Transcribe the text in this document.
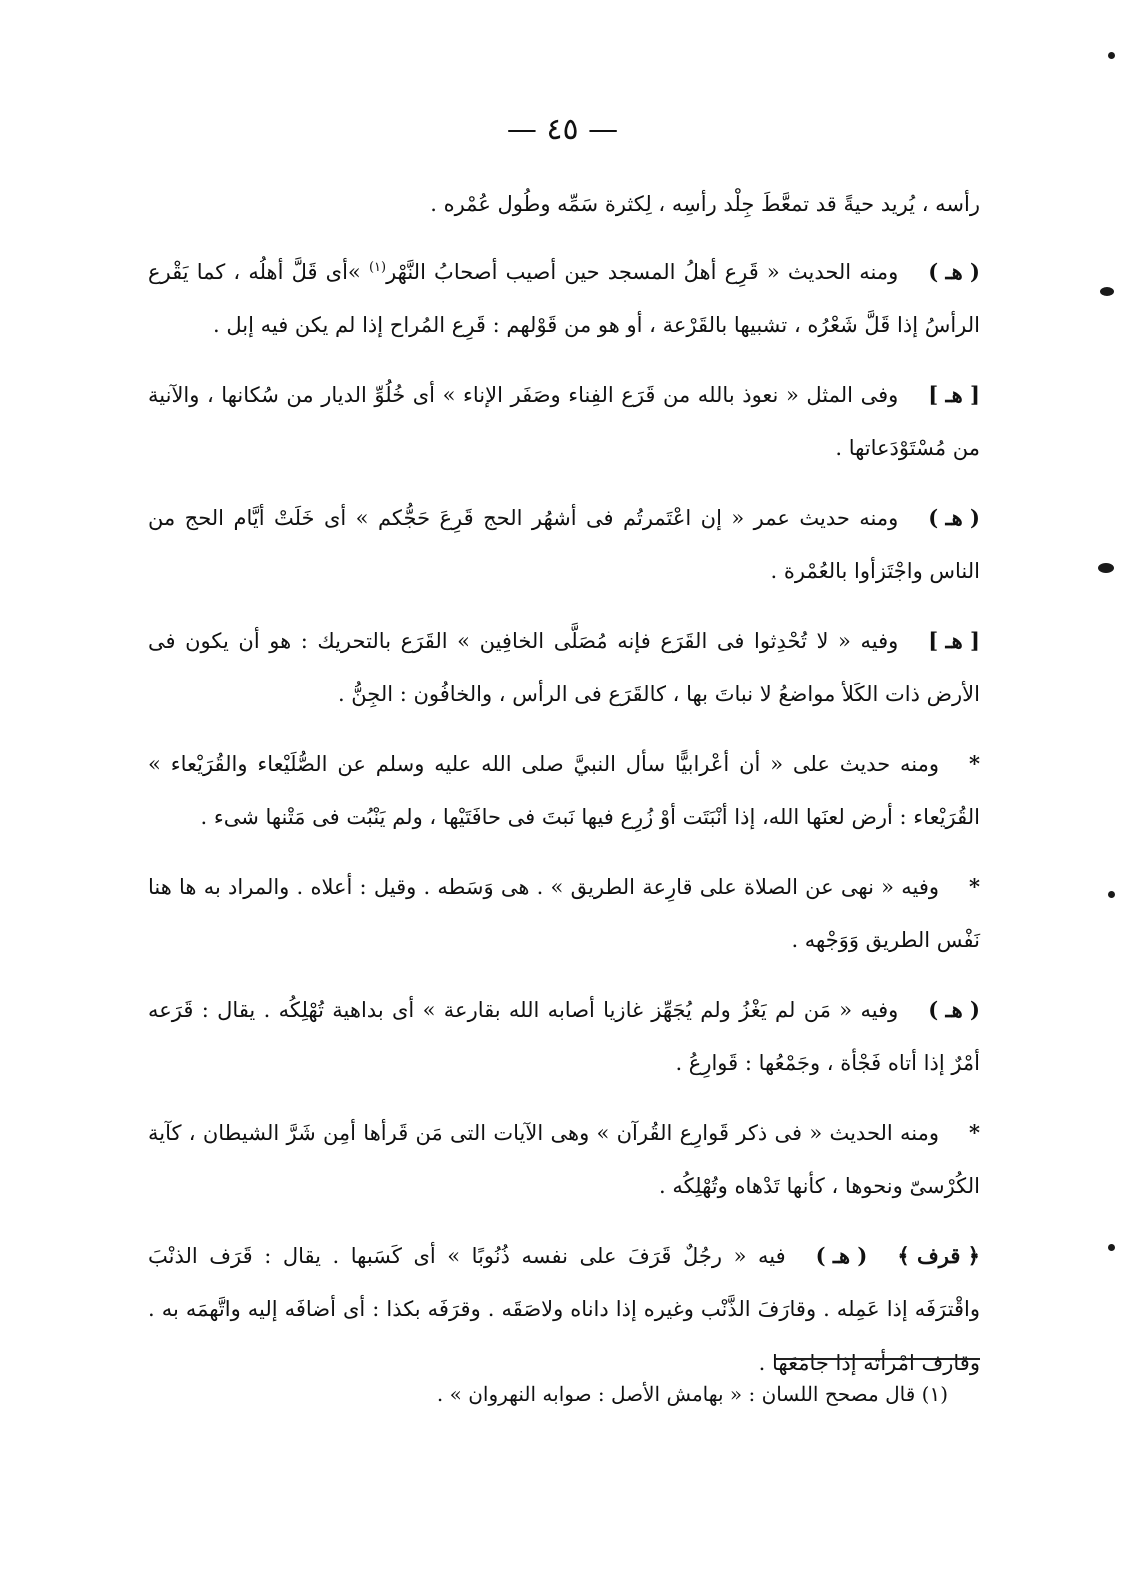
— ٤٥ —

رأسه ، يُريد حيةً قد تمعَّطَ جِلْد رأسِه ، لِكثرة سَمِّه وطُول عُمْره .

( هـ )ومنه الحديث « قَرِع أهلُ المسجد حين أصيب أصحابُ النَّهْر$^{(١)}$ »أى قَلَّ أهلُه ، كما يَقْرع الرأسُ إذا قَلَّ شَعْرُه ، تشبيها بالقَرْعة ، أو هو من قَوْلهم : قَرِع المُراح إذا لم يكن فيه إبل .

[ هـ ]وفى المثل « نعوذ بالله من قَرَع الفِناء وصَفَر الإناء » أى خُلُوِّ الديار من سُكانها ، والآنية من مُسْتَوْدَعاتها .

( هـ )ومنه حديث عمر « إن اعْتَمرتُم فى أشهُر الحج قَرِعَ حَجُّكم » أى خَلَتْ أيَّام الحج من الناس واجْتَزأوا بالعُمْرة .

[ هـ ]وفيه « لا تُحْدِثوا فى القَرَع فإنه مُصَلَّى الخافِين » القَرَع بالتحريك : هو أن يكون فى الأرض ذات الكَلأ مواضعُ لا نباتَ بها ، كالقَرَع فى الرأس ، والخافُون : الجِنُّ .

*ومنه حديث على « أن أعْرابيًّا سأل النبيَّ صلى الله عليه وسلم عن الصُّلَيْعاء والقُرَيْعاء » القُرَيْعاء : أرض لعنَها الله، إذا أنْبَتَت أوْ زُرِع فيها نَبتَ فى حافَتَيْها ، ولم يَنْبُت فى مَتْنها شىء .

*وفيه « نهى عن الصلاة على قارِعة الطريق » . هى وَسَطه . وقيل : أعلاه . والمراد به ها هنا نَفْس الطريق وَوَجْهه .

( هـ )وفيه « مَن لم يَغْزُ ولم يُجَهِّز غازيا أصابه الله بقارعة » أى بداهية تُهْلِكُه . يقال : قَرَعه أمْرٌ إذا أتاه فَجْأة ، وجَمْعُها : قَوارِعُ .

*ومنه الحديث « فى ذكر قَوارِع القُرآن » وهى الآيات التى مَن قَرأها أمِن شَرَّ الشيطان ، كآية الكُرْسىّ ونحوها ، كأنها تَدْهاه وتُهْلِكُه .

﴿ قرف ﴾( هـ )فيه « رجُلٌ قَرَفَ على نفسه ذُنُوبًا » أى كَسَبها . يقال : قَرَف الذنْبَ واقْترَفَه إذا عَمِله . وقارَفَ الذَّنْب وغيره إذا داناه ولاصَقَه . وقرَفَه بكذا : أى أضافَه إليه واتَّهمَه به . وقارف امْرأته إذا جامَعَها .

(١) قال مصحح اللسان : « بهامش الأصل : صوابه النهروان » .
